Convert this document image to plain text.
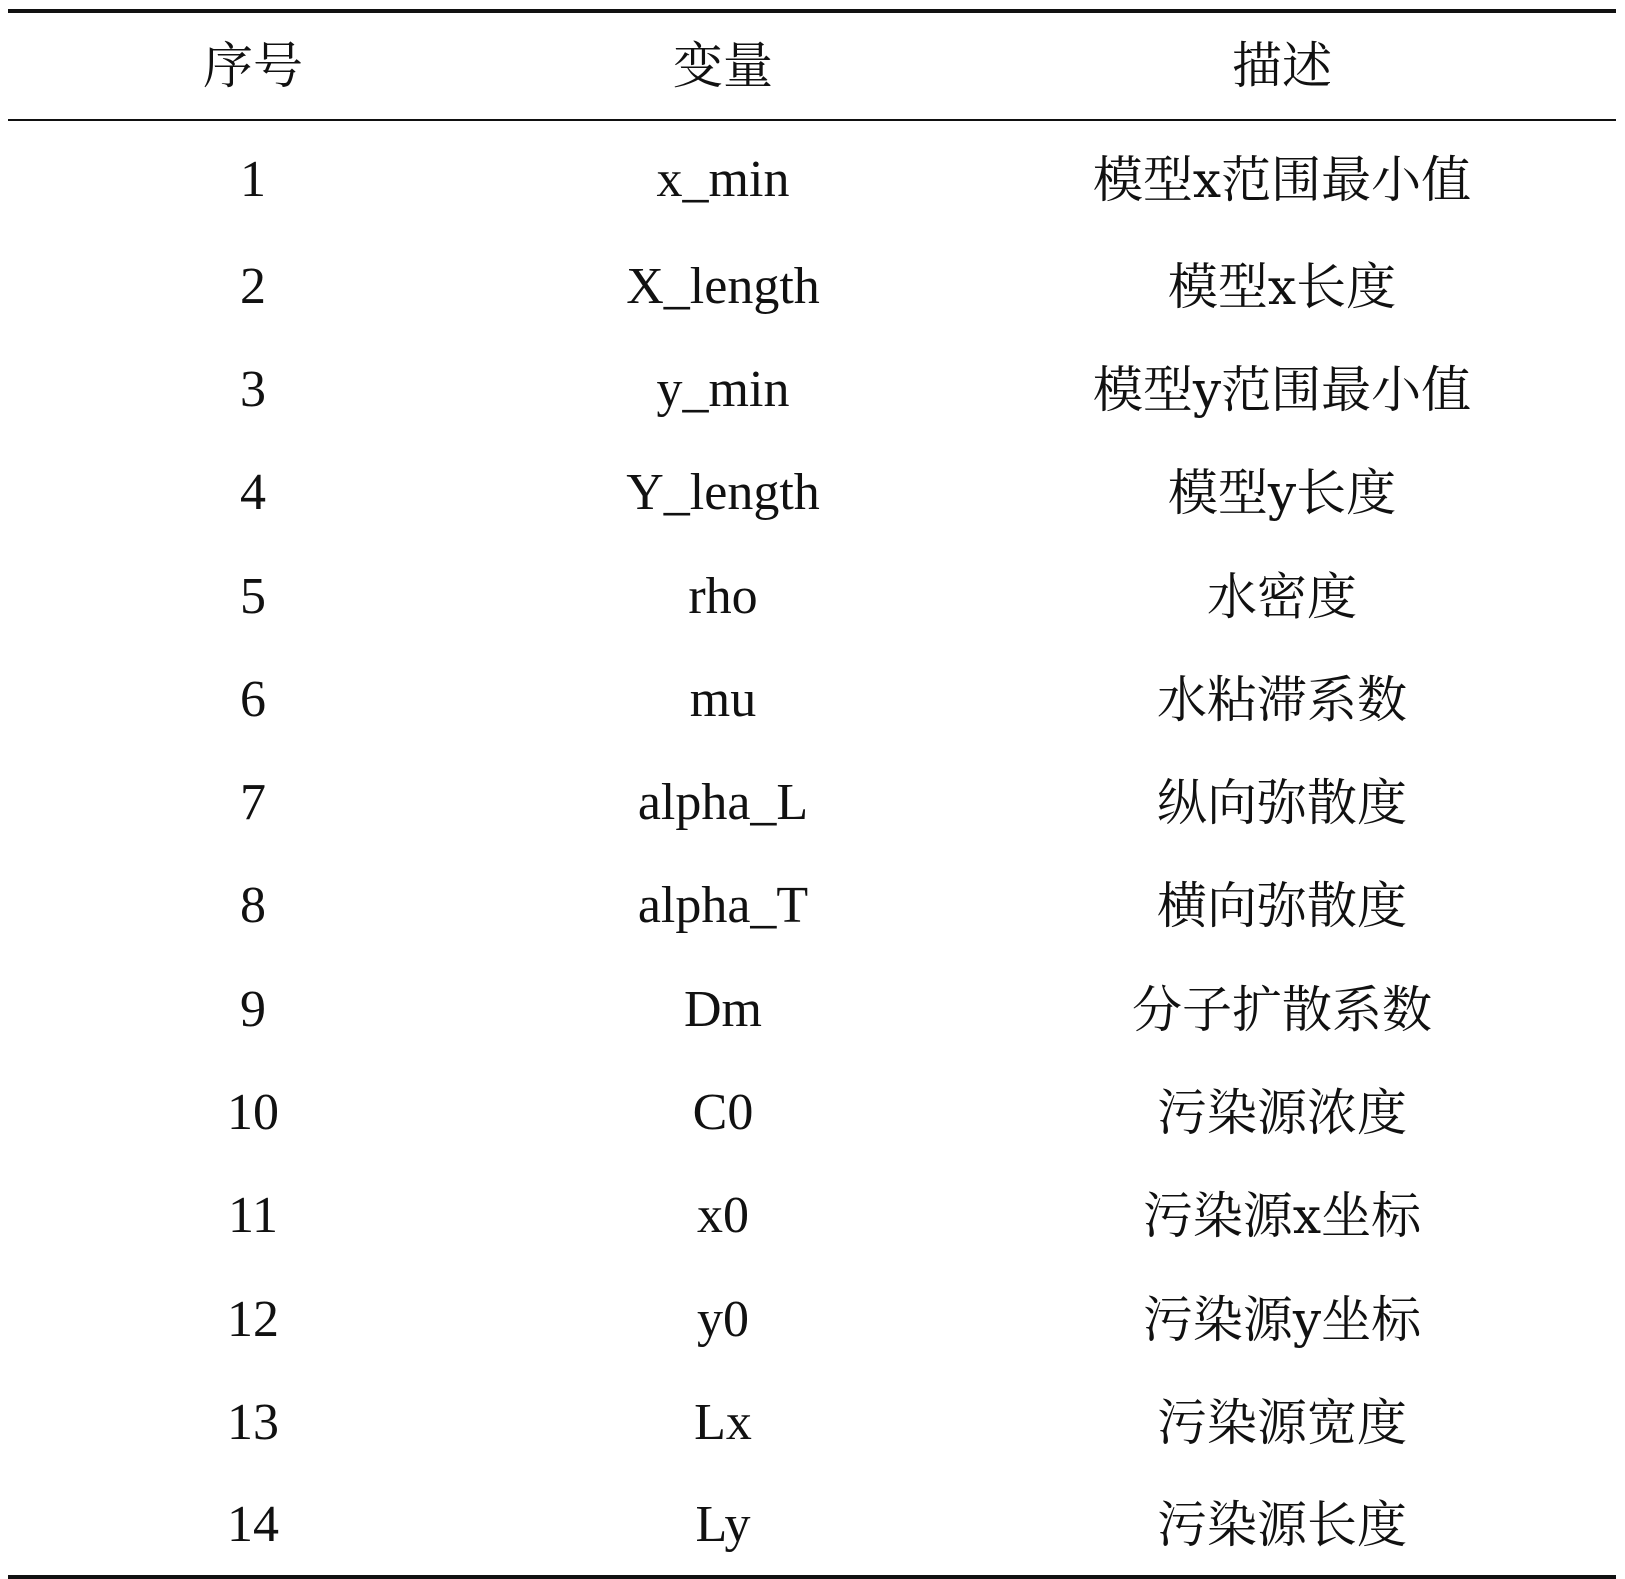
序号	变量	描述
1	x_min	模型x范围最小值
2	X_length	模型x长度
3	y_min	模型y范围最小值
4	Y_length	模型y长度
5	rho	水密度
6	mu	水粘滞系数
7	alpha_L	纵向弥散度
8	alpha_T	横向弥散度
9	Dm	分子扩散系数
10	C0	污染源浓度
11	x0	污染源x坐标
12	y0	污染源y坐标
13	Lx	污染源宽度
14	Ly	污染源长度
